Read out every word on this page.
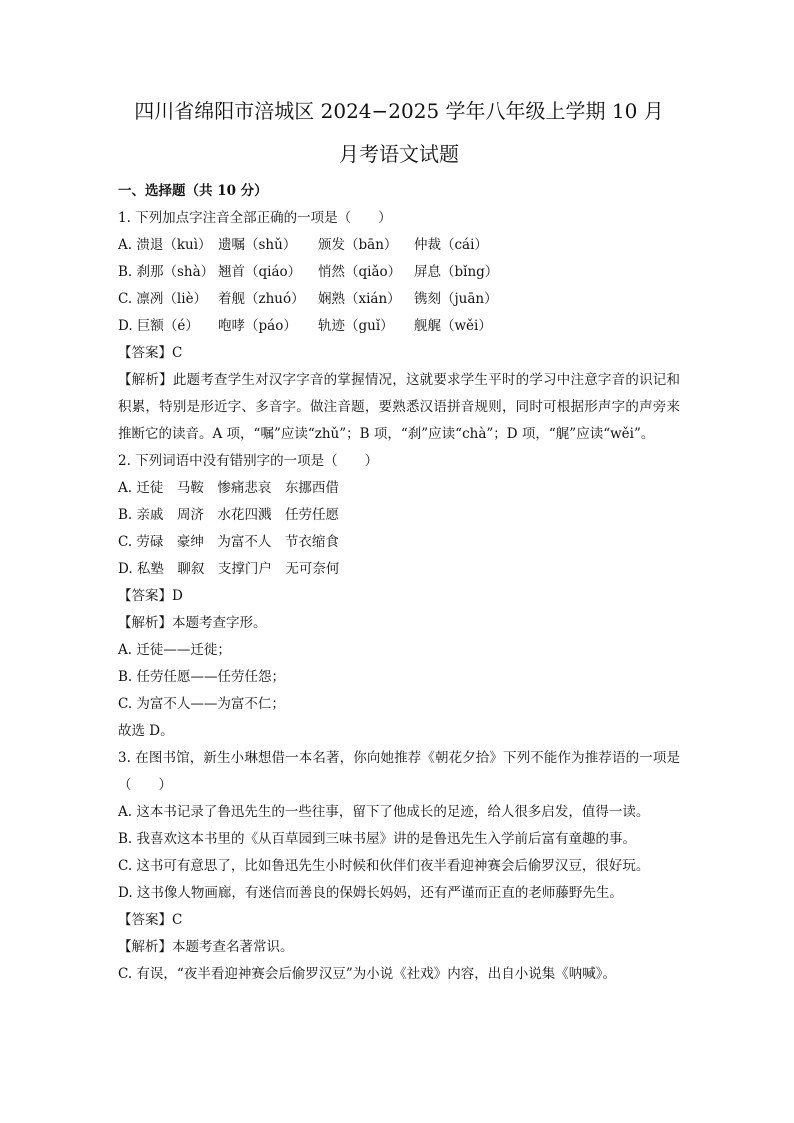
四川省绵阳市涪城区 2024−2025 学年八年级上学期 10 月
月考语文试题
一、选择题（共 10 分）
1. 下列加点字注音全部正确的一项是（　　）
A. 溃退（kuì） 遗嘱（shǔ） 颁发（bān） 仲裁（cái）
B. 刹那（shà） 翘首（qiáo） 悄然（qiǎo） 屏息（bǐng）
C. 凛冽（liè） 着舰（zhuó） 娴熟（xián） 镌刻（juān）
D. 巨额（é） 咆哮（páo） 轨迹（guǐ） 舰艉（wěi）
【答案】C
【解析】此题考查学生对汉字字音的掌握情况，这就要求学生平时的学习中注意字音的识记和积累，特别是形近字、多音字。做注音题，要熟悉汉语拼音规则，同时可根据形声字的声旁来推断它的读音。A 项，“嘱”应读“zhǔ”；B 项，“刹”应读“chà”；D 项，“艉”应读“wěi”。
2. 下列词语中没有错别字的一项是（　　）
A. 迁徒　马鞍　惨痛悲哀　东挪西借
B. 亲戚　周济　水花四溅　任劳任愿
C. 劳碌　豪绅　为富不人　节衣缩食
D. 私塾　聊叙　支撑门户　无可奈何
【答案】D
【解析】本题考查字形。
A. 迁徒——迁徙；
B. 任劳任愿——任劳任怨；
C. 为富不人——为富不仁；
故选 D。
3. 在图书馆，新生小琳想借一本名著，你向她推荐《朝花夕拾》下列不能作为推荐语的一项是（　　）
A. 这本书记录了鲁迅先生的一些往事，留下了他成长的足迹，给人很多启发，值得一读。
B. 我喜欢这本书里的《从百草园到三味书屋》讲的是鲁迅先生入学前后富有童趣的事。
C. 这书可有意思了，比如鲁迅先生小时候和伙伴们夜半看迎神赛会后偷罗汉豆，很好玩。
D. 这书像人物画廊，有迷信而善良的保姆长妈妈，还有严谨而正直的老师藤野先生。
【答案】C
【解析】本题考查名著常识。
C. 有误，“夜半看迎神赛会后偷罗汉豆”为小说《社戏》内容，出自小说集《呐喊》。
